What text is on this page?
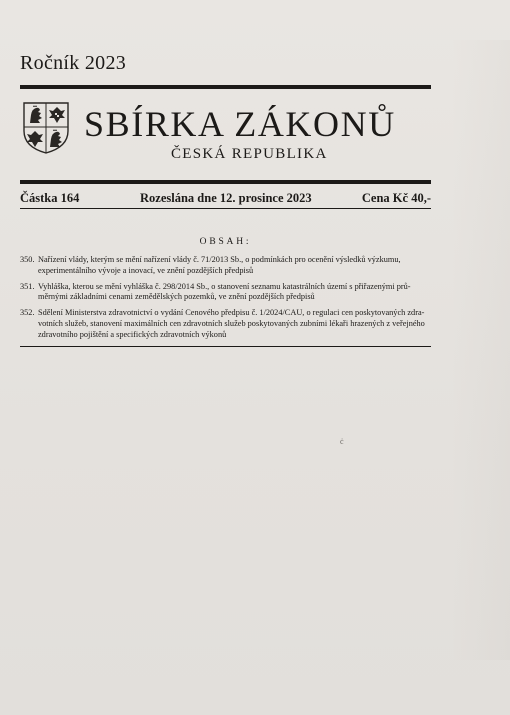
Ročník 2023
SBÍRKA ZÁKONŮ
ČESKÁ REPUBLIKA
Částka 164	Rozeslána dne 12. prosince 2023	Cena Kč 40,-
OBSAH:
350. Nařízení vlády, kterým se mění nařízení vlády č. 71/2013 Sb., o podmínkách pro ocenění výsledků výzkumu,
experimentálního vývoje a inovací, ve znění pozdějších předpisů
351. Vyhláška, kterou se mění vyhláška č. 298/2014 Sb., o stanovení seznamu katastrálních území s přiřazenými prů-
měrnými základními cenami zemědělských pozemků, ve znění pozdějších předpisů
352. Sdělení Ministerstva zdravotnictví o vydání Cenového předpisu č. 1/2024/CAU, o regulaci cen poskytovaných zdra-
votních služeb, stanovení maximálních cen zdravotních služeb poskytovaných zubními lékaři hrazených z veřejného
zdravotního pojištění a specifických zdravotních výkonů
ċ
